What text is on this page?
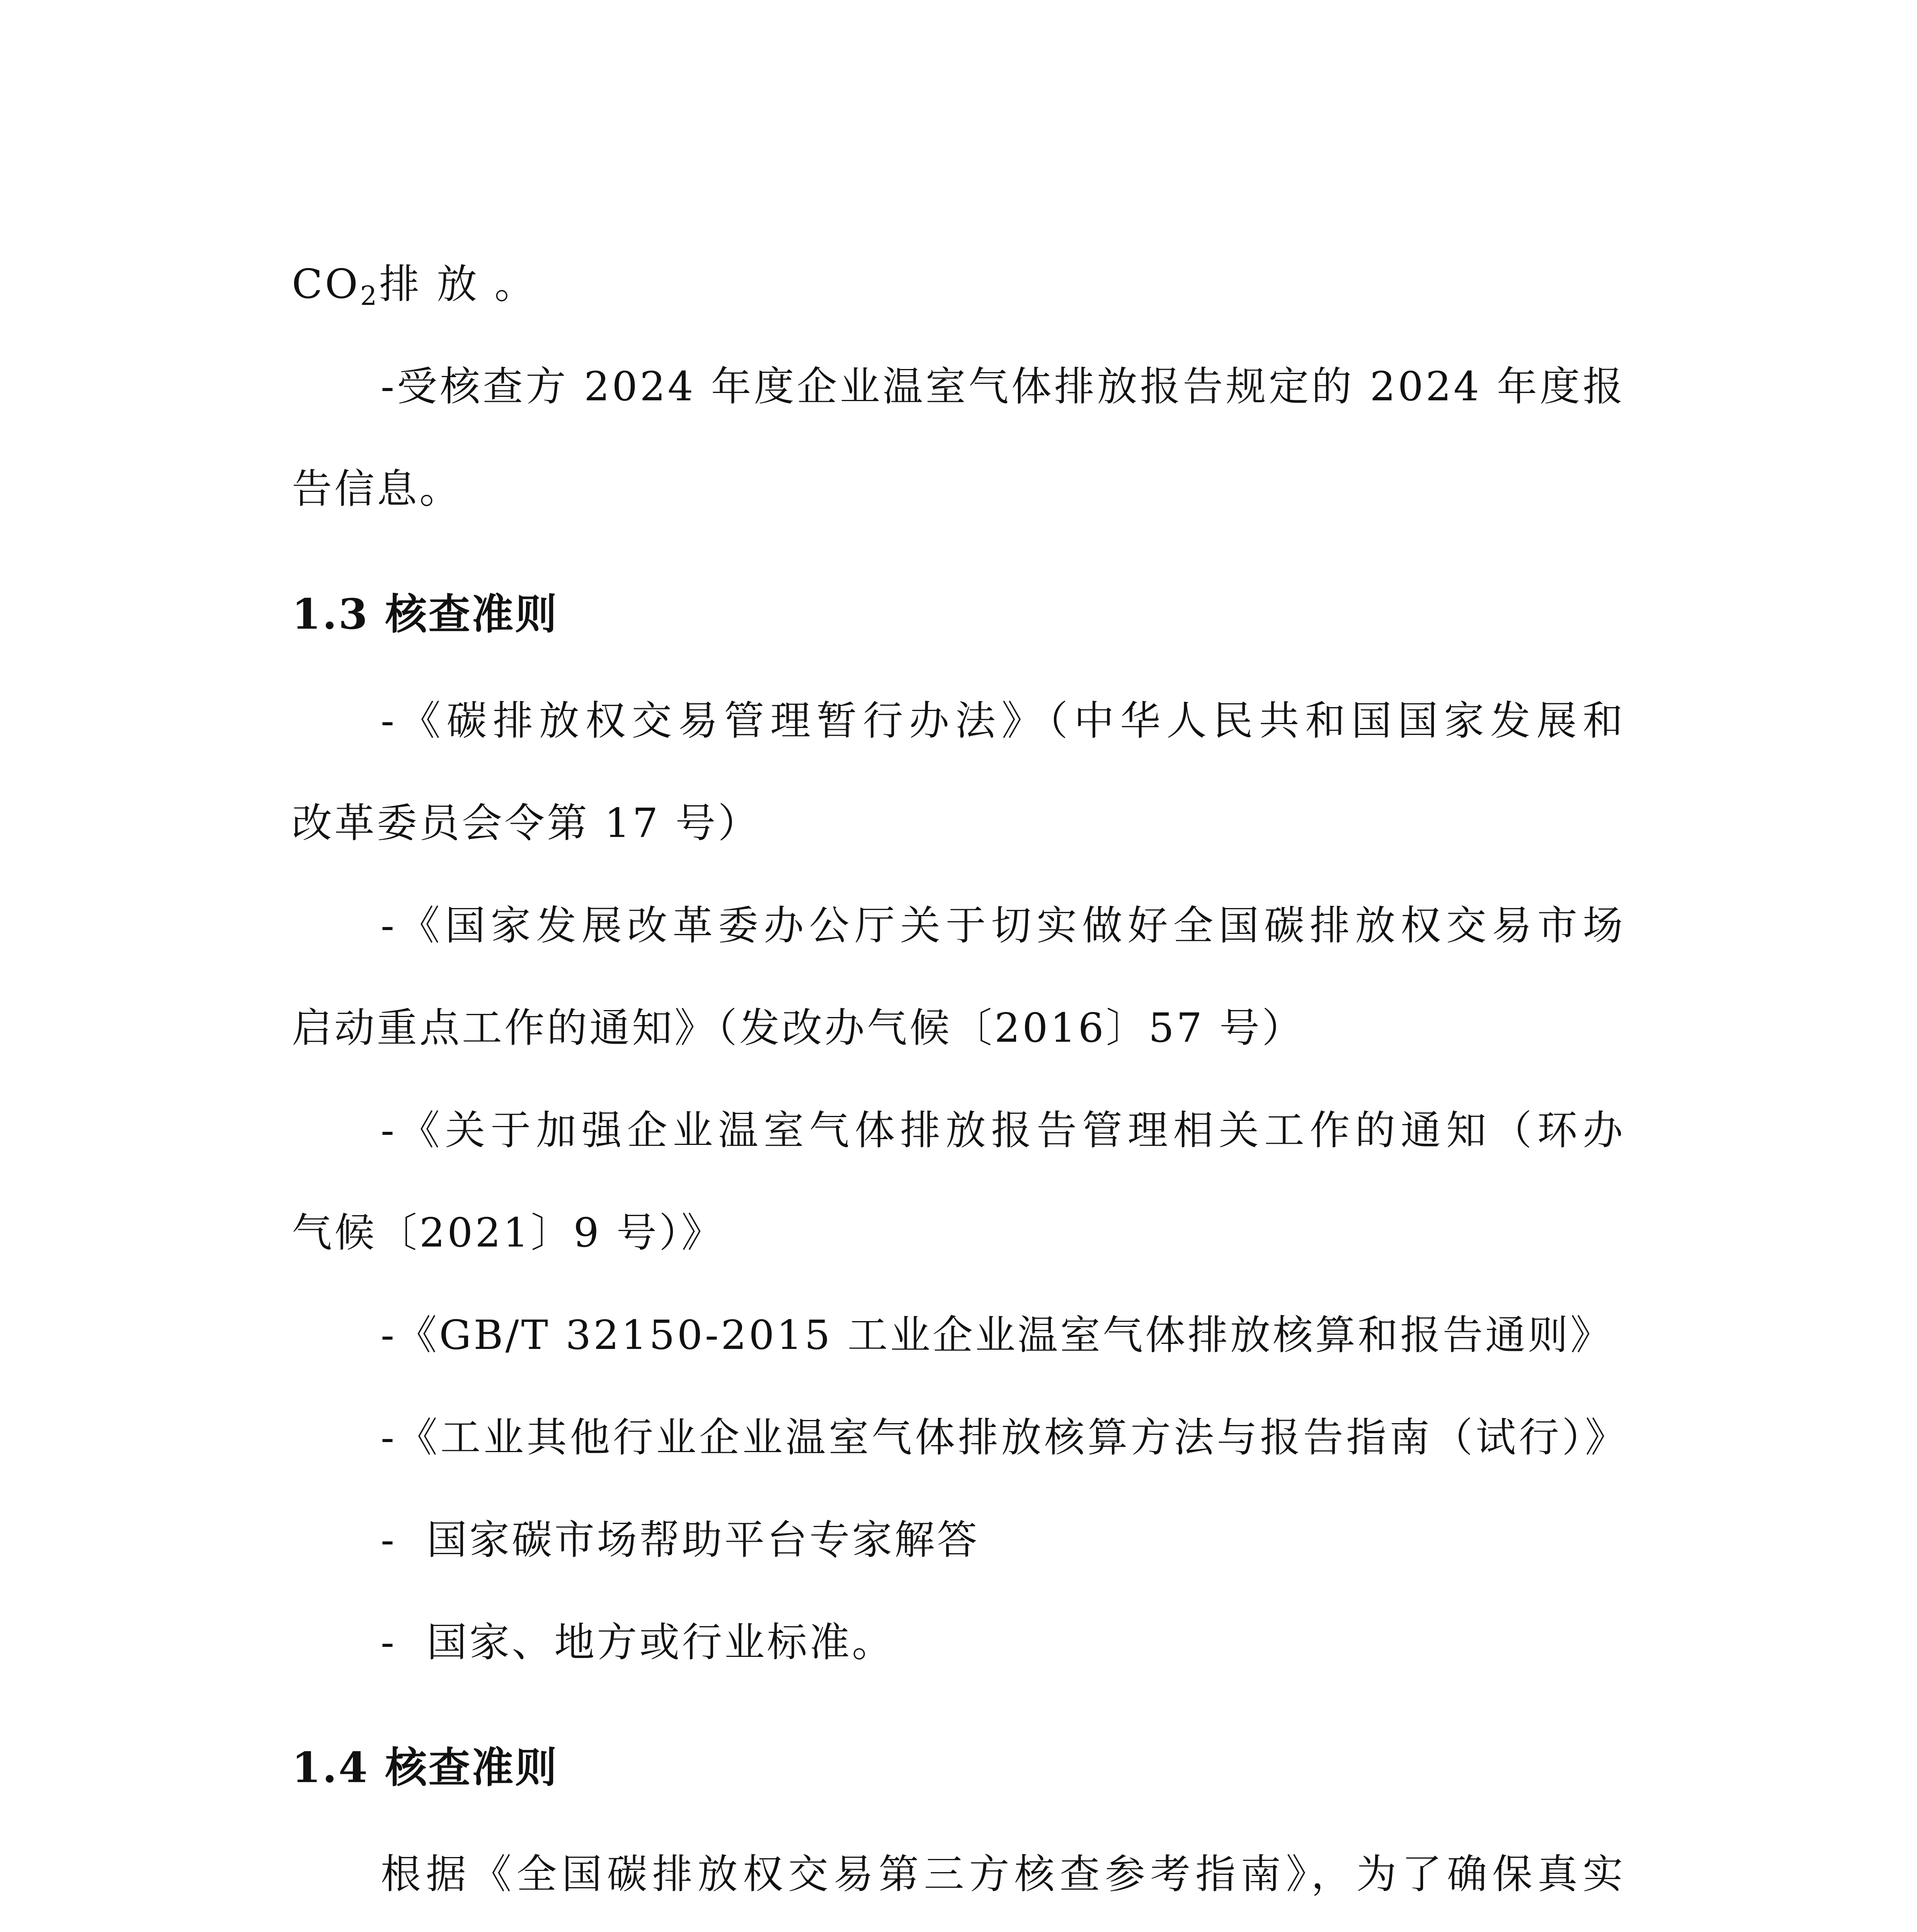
$CO_2$排 放 。
-受核查方 2024 年度企业温室气体排放报告规定的 2024 年度报
告信息。
1.3 核查准则
-《碳排放权交易管理暂行办法》（中华人民共和国国家发展和
改革委员会令第 17 号）
-《国家发展改革委办公厅关于切实做好全国碳排放权交易市场
启动重点工作的通知》（发改办气候〔2016〕57 号）
-《关于加强企业温室气体排放报告管理相关工作的通知（环办
气候〔2021〕9 号）》
-《GB/T 32150-2015 工业企业温室气体排放核算和报告通则》
-《工业其他行业企业温室气体排放核算方法与报告指南（试行）》
-  国家碳市场帮助平台专家解答
-  国家、地方或行业标准。
1.4 核查准则
根据《全国碳排放权交易第三方核查参考指南》，为了确保真实
